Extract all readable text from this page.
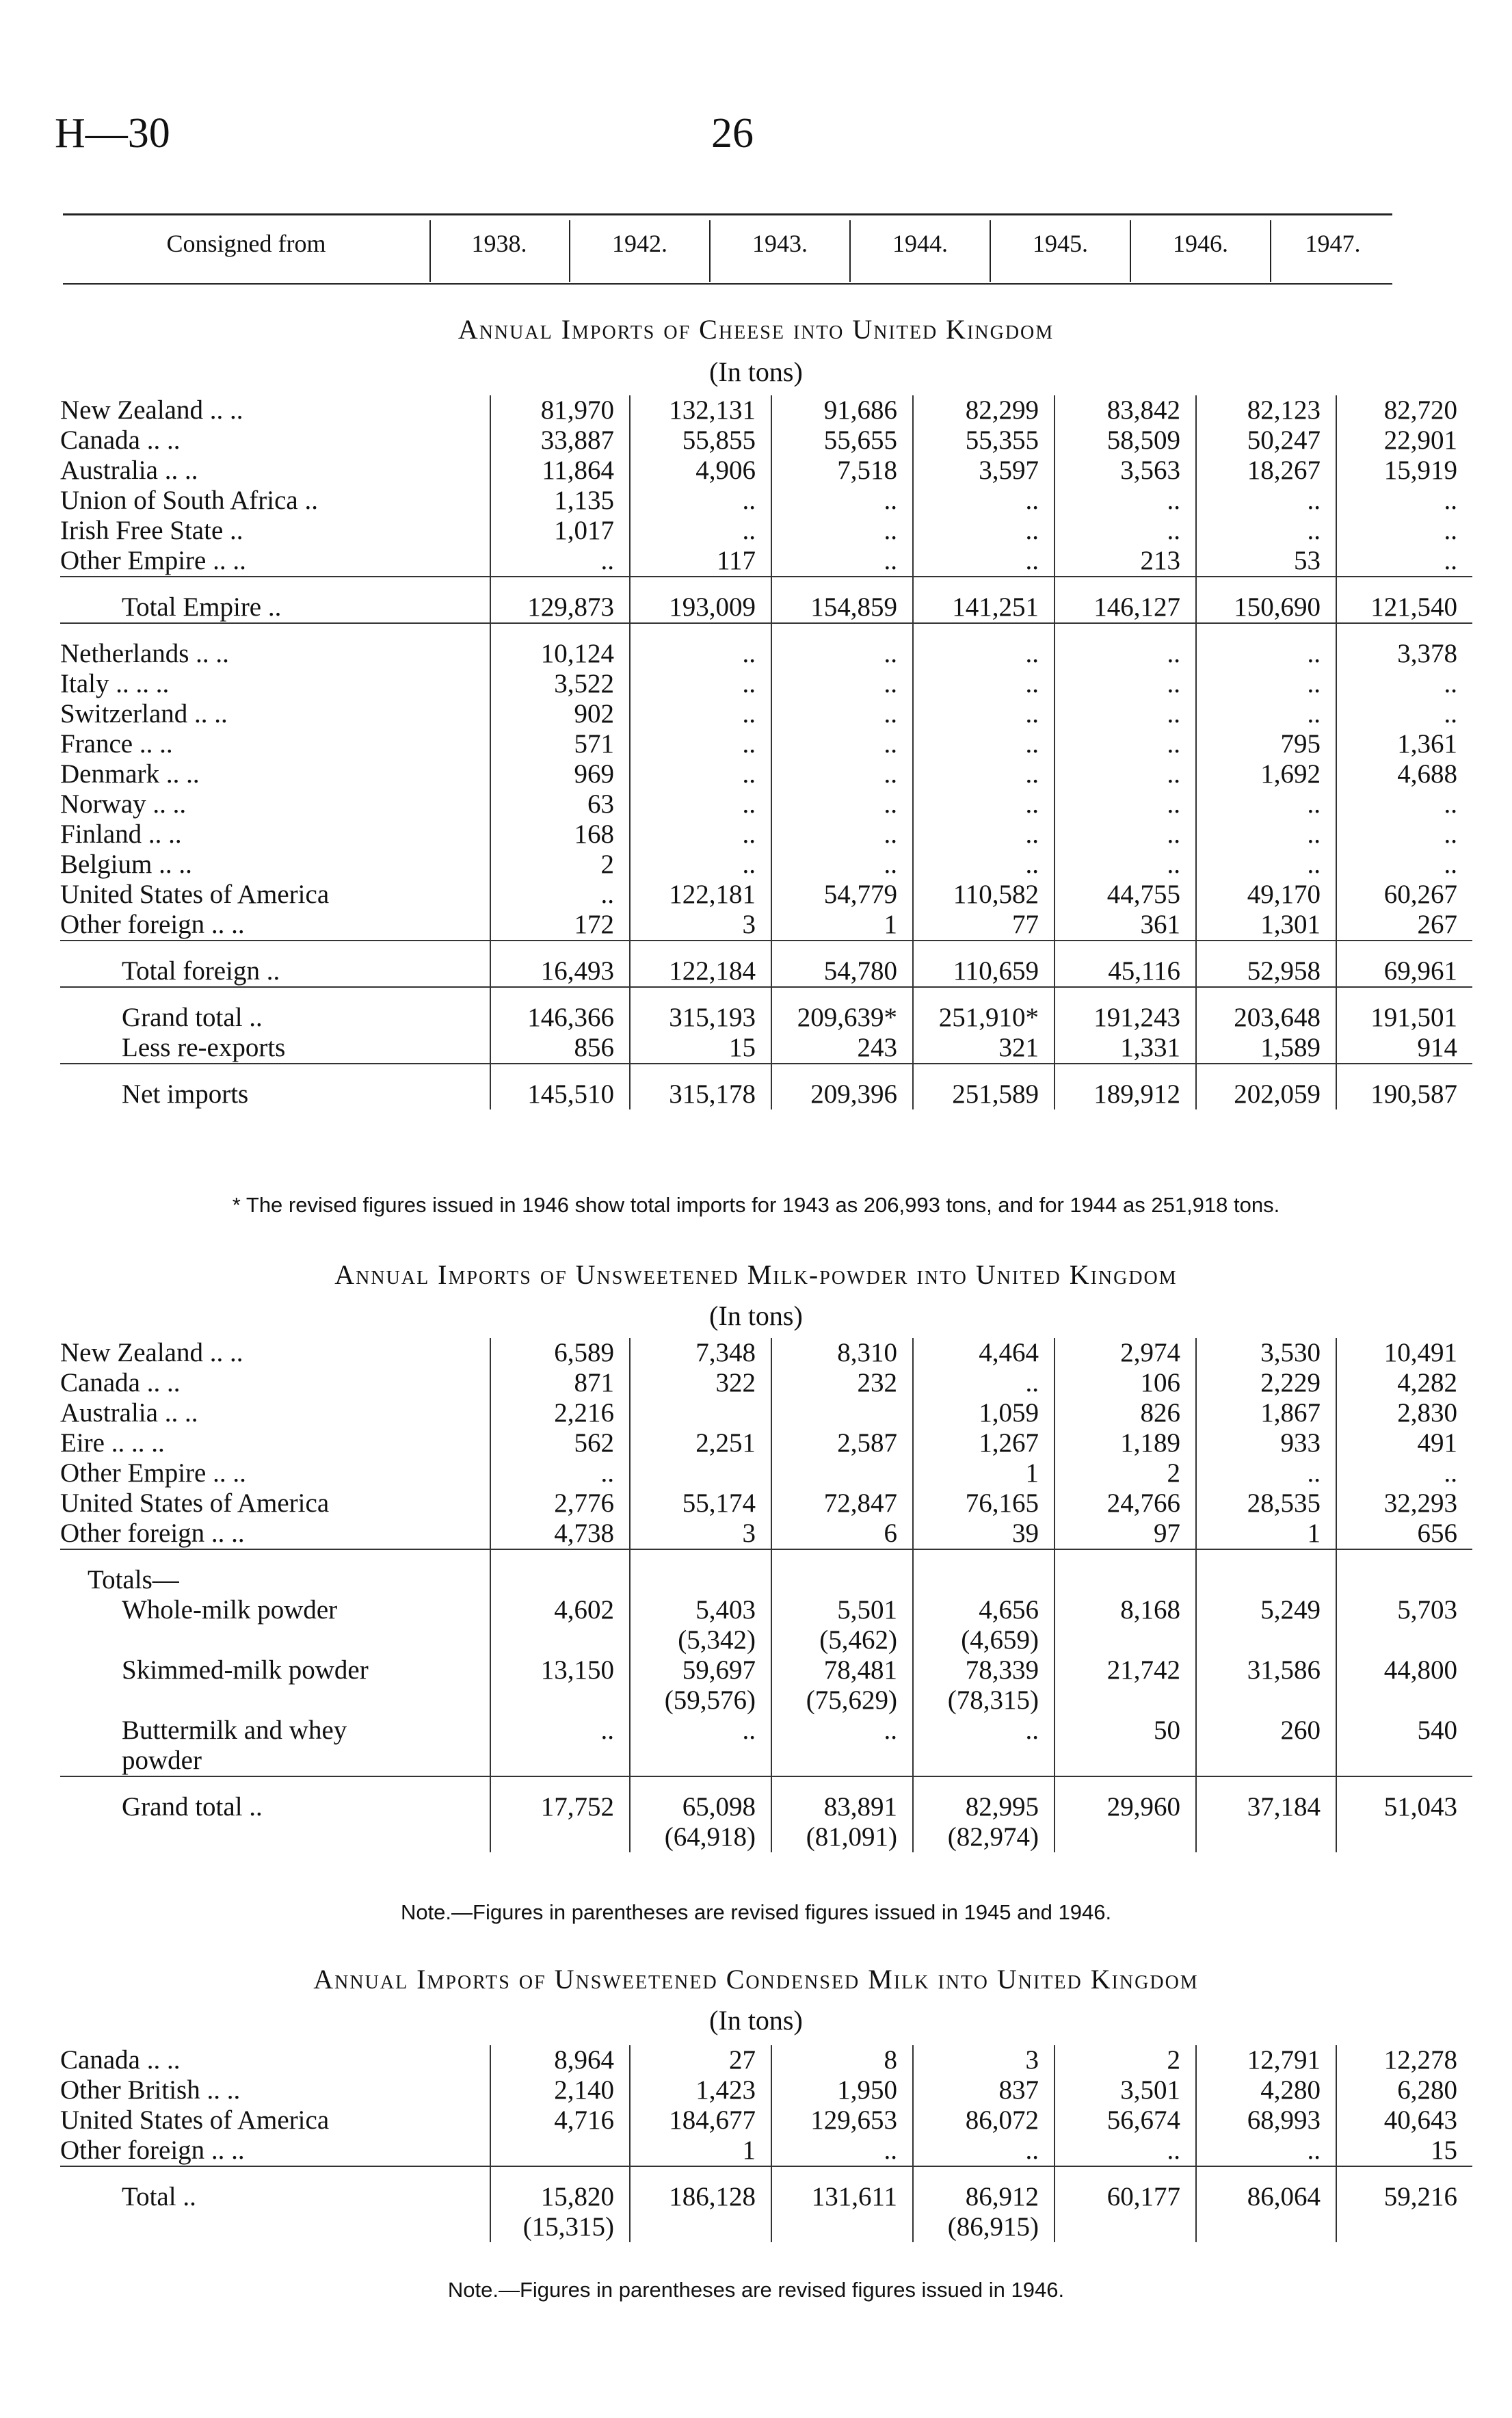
H—30	26
Consigned from	1938.	1942.	1943.	1944.	1945.	1946.	1947.
Annual Imports of Cheese into United Kingdom
(In tons)
New Zealand .. ..	81,970	132,131	91,686	82,299	83,842	82,123	82,720
Canada .. ..	33,887	55,855	55,655	55,355	58,509	50,247	22,901
Australia .. ..	11,864	4,906	7,518	3,597	3,563	18,267	15,919
Union of South Africa ..	1,135	..	..	..	..	..	..
Irish Free State ..	1,017	..	..	..	..	..	..
Other Empire .. ..	..	117	..	..	213	53	..

Total Empire ..	129,873	193,009	154,859	141,251	146,127	150,690	121,540

Netherlands .. ..	10,124	..	..	..	..	..	3,378
Italy .. .. ..	3,522	..	..	..	..	..	..
Switzerland .. ..	902	..	..	..	..	..	..
France .. ..	571	..	..	..	..	795	1,361
Denmark .. ..	969	..	..	..	..	1,692	4,688
Norway .. ..	63	..	..	..	..	..	..
Finland .. ..	168	..	..	..	..	..	..
Belgium .. ..	2	..	..	..	..	..	..
United States of America	..	122,181	54,779	110,582	44,755	49,170	60,267
Other foreign .. ..	172	3	1	77	361	1,301	267

Total foreign ..	16,493	122,184	54,780	110,659	45,116	52,958	69,961

Grand total ..	146,366	315,193	209,639*	251,910*	191,243	203,648	191,501
Less re-exports	856	15	243	321	1,331	1,589	914

Net imports	145,510	315,178	209,396	251,589	189,912	202,059	190,587
* The revised figures issued in 1946 show total imports for 1943 as 206,993 tons, and for 1944 as 251,918 tons.
Annual Imports of Unsweetened Milk-powder into United Kingdom
(In tons)
New Zealand .. ..	6,589	7,348	8,310	4,464	2,974	3,530	10,491
Canada .. ..	871	322	232	..	106	2,229	4,282
Australia .. ..	2,216			1,059	826	1,867	2,830
Eire .. .. ..	562	2,251	2,587	1,267	1,189	933	491
Other Empire .. ..	..			1	2	..	..
United States of America	2,776	55,174	72,847	76,165	24,766	28,535	32,293
Other foreign .. ..	4,738	3	6	39	97	1	656

Totals—							
Whole-milk powder	4,602	5,403	5,501	4,656	8,168	5,249	5,703
		(5,342)	(5,462)	(4,659)			
Skimmed-milk powder	13,150	59,697	78,481	78,339	21,742	31,586	44,800
		(59,576)	(75,629)	(78,315)			
Buttermilk and whey	..	..	..	..	50	260	540
powder							

Grand total ..	17,752	65,098	83,891	82,995	29,960	37,184	51,043
		(64,918)	(81,091)	(82,974)			
Note.—Figures in parentheses are revised figures issued in 1945 and 1946.
Annual Imports of Unsweetened Condensed Milk into United Kingdom
(In tons)
Canada .. ..	8,964	27	8	3	2	12,791	12,278
Other British .. ..	2,140	1,423	1,950	837	3,501	4,280	6,280
United States of America	4,716	184,677	129,653	86,072	56,674	68,993	40,643
Other foreign .. ..		1	..	..	..	..	15

Total ..	15,820	186,128	131,611	86,912	60,177	86,064	59,216
	(15,315)			(86,915)			
Note.—Figures in parentheses are revised figures issued in 1946.
